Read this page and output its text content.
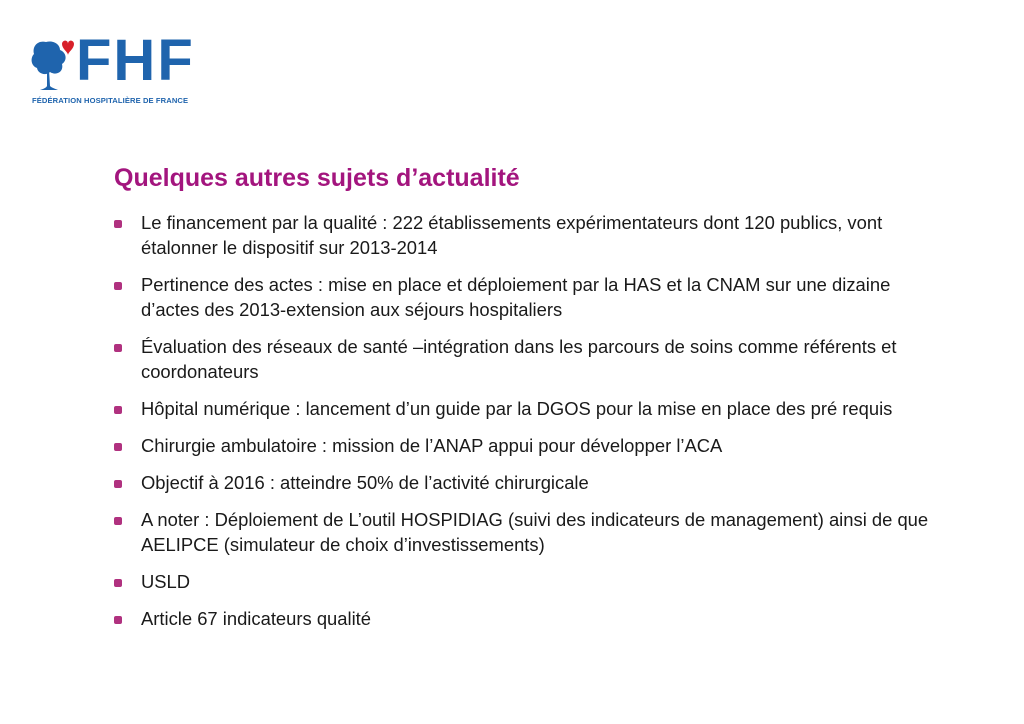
FHF
FÉDÉRATION HOSPITALIÈRE DE FRANCE
Quelques autres sujets d’actualité
Le financement par la qualité : 222 établissements expérimentateurs dont 120 publics, vont étalonner le dispositif sur 2013-2014
Pertinence des actes : mise en place et déploiement par la HAS et la CNAM sur une dizaine d’actes des 2013-extension aux séjours hospitaliers
Évaluation des réseaux de santé –intégration dans les parcours de soins comme référents et coordonateurs
Hôpital numérique : lancement d’un guide par la DGOS pour la mise en place des pré requis
Chirurgie ambulatoire : mission de l’ANAP appui pour développer l’ACA
Objectif à 2016 : atteindre 50% de l’activité chirurgicale
A noter : Déploiement de L’outil HOSPIDIAG (suivi des indicateurs de management) ainsi de que AELIPCE (simulateur de choix d’investissements)
USLD
Article 67 indicateurs qualité
